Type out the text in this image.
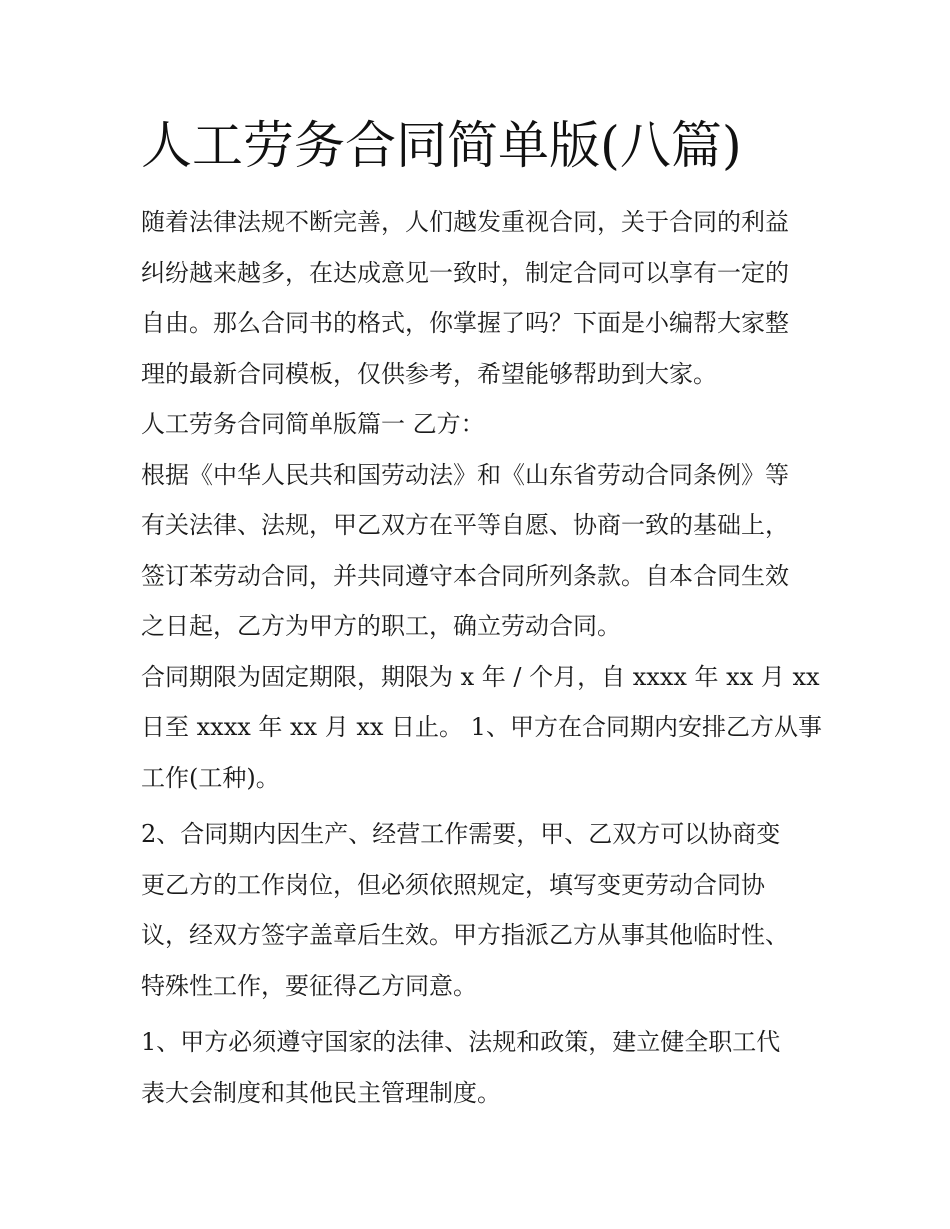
人工劳务合同简单版(八篇)

随着法律法规不断完善，人们越发重视合同，关于合同的利益
纠纷越来越多，在达成意见一致时，制定合同可以享有一定的
自由。那么合同书的格式，你掌握了吗？下面是小编帮大家整
理的最新合同模板，仅供参考，希望能够帮助到大家。

人工劳务合同简单版篇一 乙方：

根据《中华人民共和国劳动法》和《山东省劳动合同条例》等
有关法律、法规，甲乙双方在平等自愿、协商一致的基础上，
签订苯劳动合同，并共同遵守本合同所列条款。自本合同生效
之日起，乙方为甲方的职工，确立劳动合同。

合同期限为固定期限，期限为 x 年 / 个月，自 xxxx 年 xx 月 xx
日至 xxxx 年 xx 月 xx 日止。 1、甲方在合同期内安排乙方从事
工作(工种)。

2、合同期内因生产、经营工作需要，甲、乙双方可以协商变
更乙方的工作岗位，但必须依照规定，填写变更劳动合同协
议，经双方签字盖章后生效。甲方指派乙方从事其他临时性、
特殊性工作，要征得乙方同意。

1、甲方必须遵守国家的法律、法规和政策，建立健全职工代
表大会制度和其他民主管理制度。
